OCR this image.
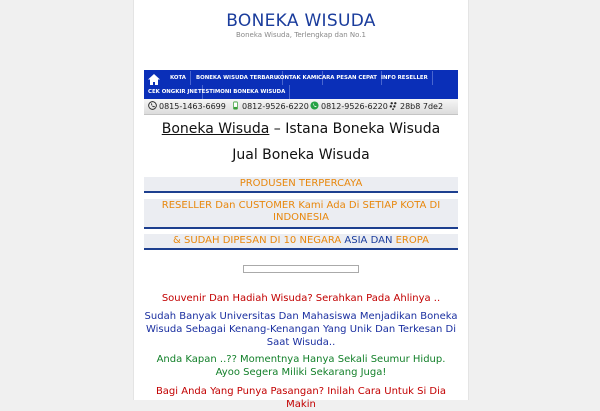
BONEKA WISUDA
Boneka Wisuda, Terlengkap dan No.1
KOTA	BONEKA WISUDA TERBARU
KONTAK KAMI CARA PESAN CEPAT INFO RESELLER
CEK ONGKIR JNE TESTIMONI BONEKA WISUDA
0815-1463-6699	0812-9526-6220	0812-9526-6220	28b8 7de2
Boneka Wisuda – Istana Boneka Wisuda
Jual Boneka Wisuda
PRODUSEN TERPERCAYA
RESELLER Dan CUSTOMER Kami Ada Di SETIAP KOTA DI INDONESIA
& SUDAH DIPESAN DI 10 NEGARA ASIA DAN EROPA
Souvenir Dan Hadiah Wisuda? Serahkan Pada Ahlinya ..
Sudah Banyak Universitas Dan Mahasiswa Menjadikan Boneka Wisuda Sebagai Kenang-Kenangan Yang Unik Dan Terkesan Di Saat Wisuda..
Anda Kapan ..?? Momentnya Hanya Sekali Seumur Hidup. Ayoo Segera Miliki Sekarang Juga!
Bagi Anda Yang Punya Pasangan? Inilah Cara Untuk Si Dia Makin
